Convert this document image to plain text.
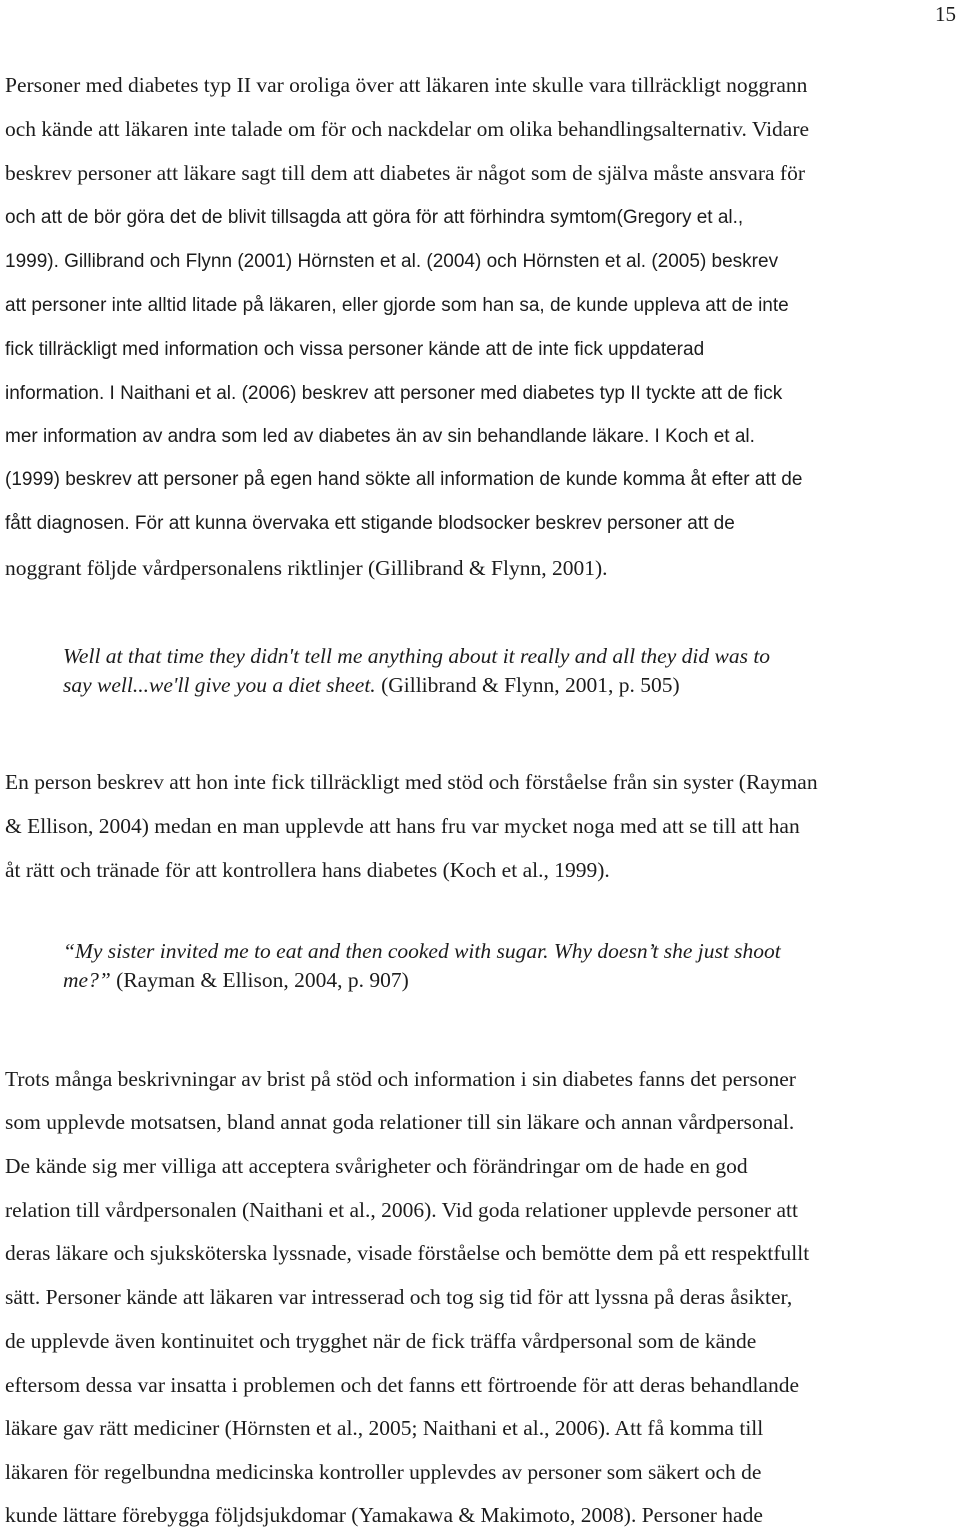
15
Personer med diabetes typ II var oroliga över att läkaren inte skulle vara tillräckligt noggrann
och kände att läkaren inte talade om för och nackdelar om olika behandlingsalternativ. Vidare
beskrev personer att läkare sagt till dem att diabetes är något som de själva måste ansvara för
och att de bör göra det de blivit tillsagda att göra för att förhindra symtom(Gregory et al.,
1999). Gillibrand och Flynn (2001) Hörnsten et al. (2004) och Hörnsten et al. (2005) beskrev
att personer inte alltid litade på läkaren, eller gjorde som han sa, de kunde uppleva att de inte
fick tillräckligt med information och vissa personer kände att de inte fick uppdaterad
information. I Naithani et al. (2006) beskrev att personer med diabetes typ II tyckte att de fick
mer information av andra som led av diabetes än av sin behandlande läkare. I Koch et al.
(1999) beskrev att personer på egen hand sökte all information de kunde komma åt efter att de
fått diagnosen. För att kunna övervaka ett stigande blodsocker beskrev personer att de
noggrant följde vårdpersonalens riktlinjer (Gillibrand & Flynn, 2001).
Well at that time they didn't tell me anything about it really and all they did was to
say well...we'll give you a diet sheet. (Gillibrand & Flynn, 2001, p. 505)
En person beskrev att hon inte fick tillräckligt med stöd och förståelse från sin syster (Rayman
& Ellison, 2004) medan en man upplevde att hans fru var mycket noga med att se till att han
åt rätt och tränade för att kontrollera hans diabetes (Koch et al., 1999).
“My sister invited me to eat and then cooked with sugar. Why doesn’t she just shoot
me?” (Rayman & Ellison, 2004, p. 907)
Trots många beskrivningar av brist på stöd och information i sin diabetes fanns det personer
som upplevde motsatsen, bland annat goda relationer till sin läkare och annan vårdpersonal.
De kände sig mer villiga att acceptera svårigheter och förändringar om de hade en god
relation till vårdpersonalen (Naithani et al., 2006). Vid goda relationer upplevde personer att
deras läkare och sjuksköterska lyssnade, visade förståelse och bemötte dem på ett respektfullt
sätt. Personer kände att läkaren var intresserad och tog sig tid för att lyssna på deras åsikter,
de upplevde även kontinuitet och trygghet när de fick träffa vårdpersonal som de kände
eftersom dessa var insatta i problemen och det fanns ett förtroende för att deras behandlande
läkare gav rätt mediciner (Hörnsten et al., 2005; Naithani et al., 2006). Att få komma till
läkaren för regelbundna medicinska kontroller upplevdes av personer som säkert och de
kunde lättare förebygga följdsjukdomar (Yamakawa & Makimoto, 2008). Personer hade
